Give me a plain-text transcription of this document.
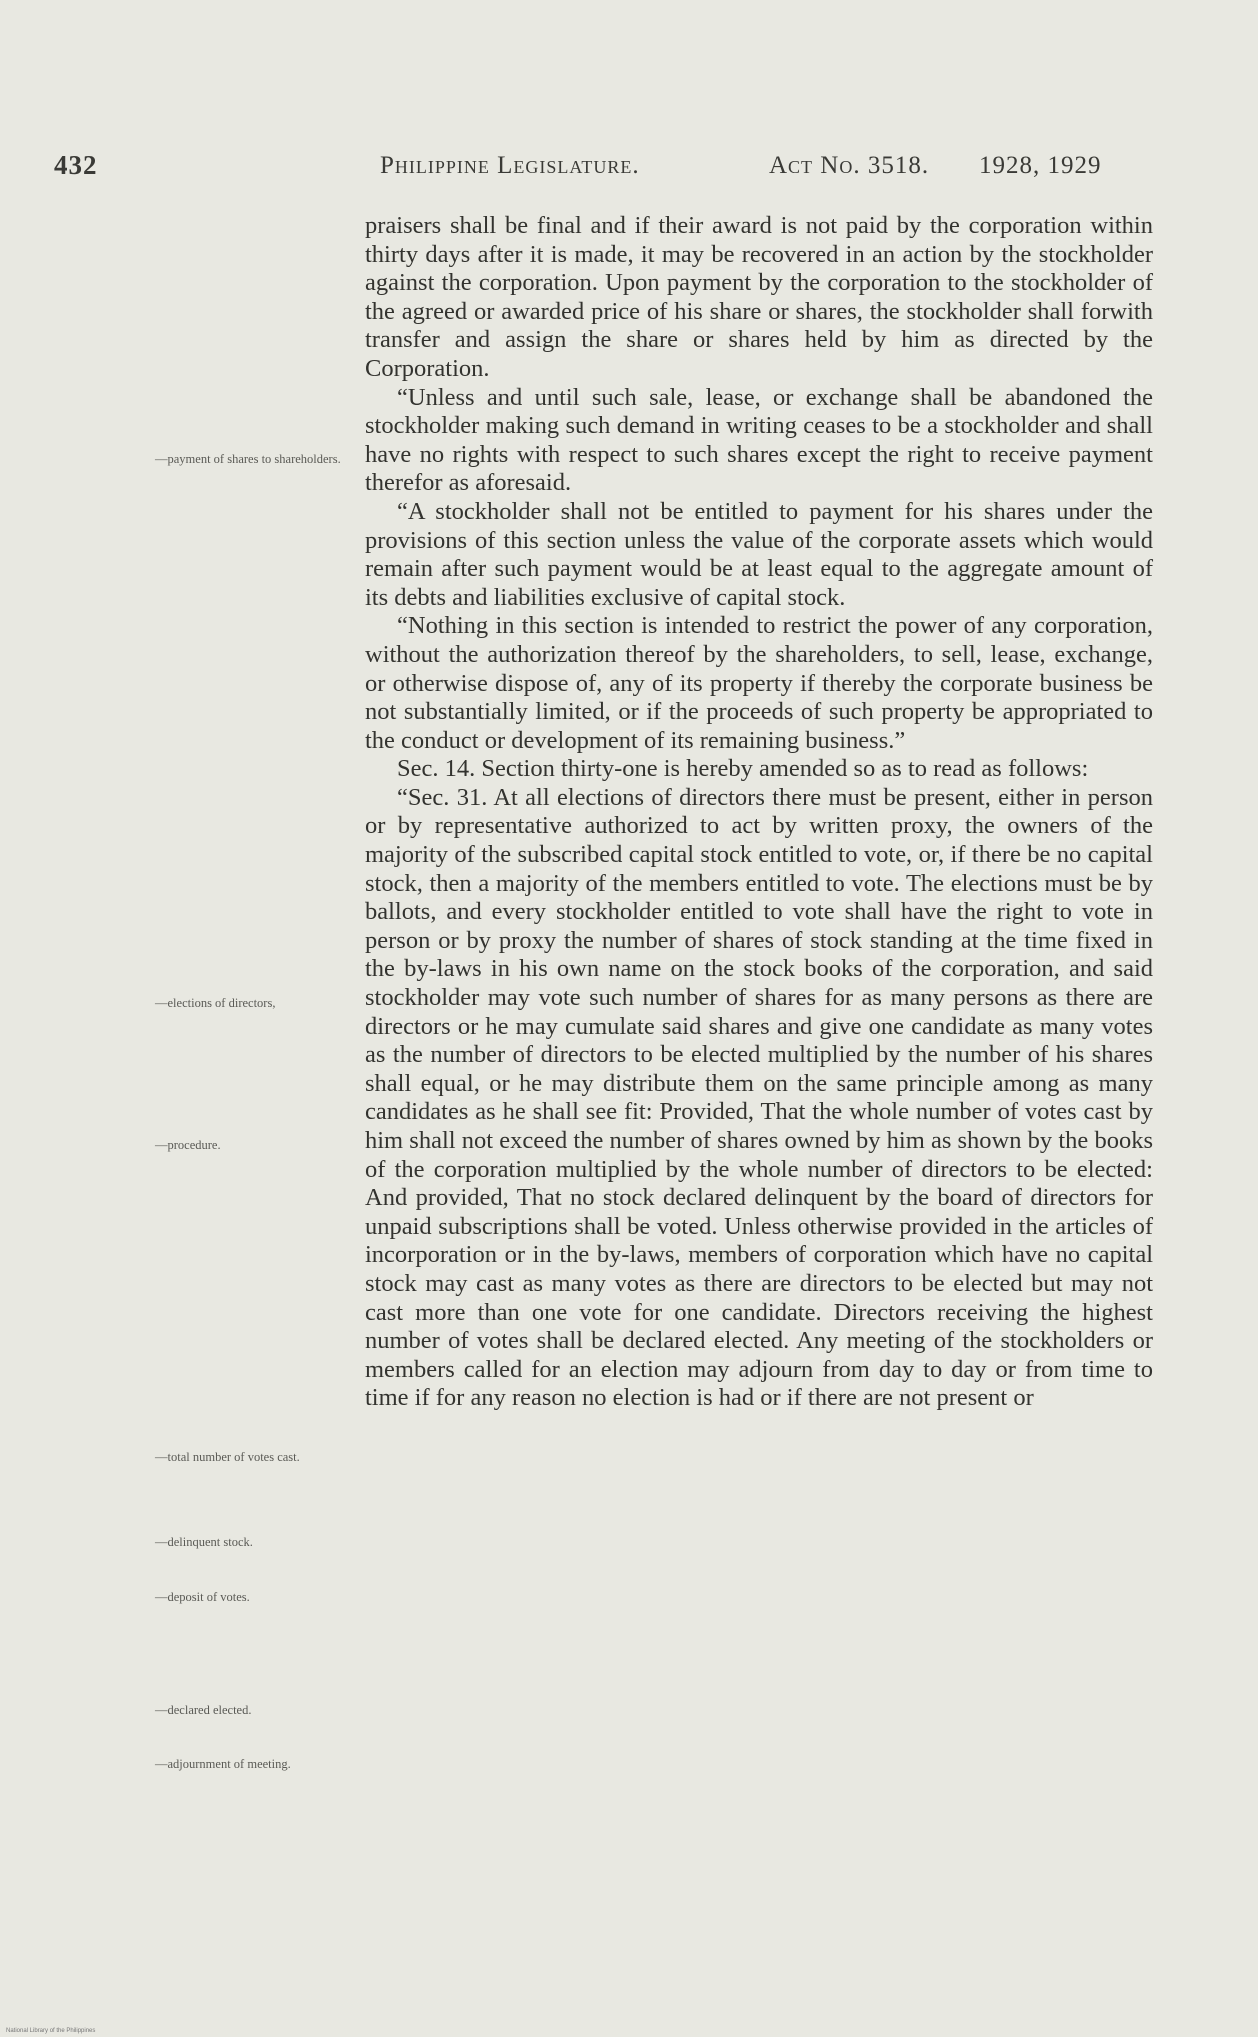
432	Philippine Legislature.	Act No. 3518. 1928, 1929
—payment of shares to shareholders.
—elections of directors,
—procedure.
—total number of votes cast.
—delinquent stock.
—deposit of votes.
—declared elected.
—adjournment of meeting.

praisers shall be final and if their award is not paid by the corporation within thirty days after it is made, it may be recovered in an action by the stockholder against the corporation. Upon payment by the corporation to the stockholder of the agreed or awarded price of his share or shares, the stockholder shall forwith transfer and assign the share or shares held by him as directed by the Corporation.

“Unless and until such sale, lease, or exchange shall be abandoned the stockholder making such demand in writing ceases to be a stockholder and shall have no rights with respect to such shares except the right to receive payment therefor as aforesaid.

“A stockholder shall not be entitled to payment for his shares under the provisions of this section unless the value of the corporate assets which would remain after such payment would be at least equal to the aggregate amount of its debts and liabilities exclusive of capital stock.

“Nothing in this section is intended to restrict the power of any corporation, without the authorization thereof by the shareholders, to sell, lease, exchange, or otherwise dispose of, any of its property if thereby the corporate business be not substantially limited, or if the proceeds of such property be appropriated to the conduct or development of its remaining business.”

Sec. 14. Section thirty-one is hereby amended so as to read as follows:

“Sec. 31. At all elections of directors there must be present, either in person or by representative authorized to act by written proxy, the owners of the majority of the subscribed capital stock entitled to vote, or, if there be no capital stock, then a majority of the members entitled to vote. The elections must be by ballots, and every stockholder entitled to vote shall have the right to vote in person or by proxy the number of shares of stock standing at the time fixed in the by-laws in his own name on the stock books of the corporation, and said stockholder may vote such number of shares for as many persons as there are directors or he may cumulate said shares and give one candidate as many votes as the number of directors to be elected multiplied by the number of his shares shall equal, or he may distribute them on the same principle among as many candidates as he shall see fit: Provided, That the whole number of votes cast by him shall not exceed the number of shares owned by him as shown by the books of the corporation multiplied by the whole number of directors to be elected: And provided, That no stock declared delinquent by the board of directors for unpaid subscriptions shall be voted. Unless otherwise provided in the articles of incorporation or in the by-laws, members of corporation which have no capital stock may cast as many votes as there are directors to be elected but may not cast more than one vote for one candidate. Directors receiving the highest number of votes shall be declared elected. Any meeting of the stockholders or members called for an election may adjourn from day to day or from time to time if for any reason no election is had or if there are not present or

National Library of the Philippines
